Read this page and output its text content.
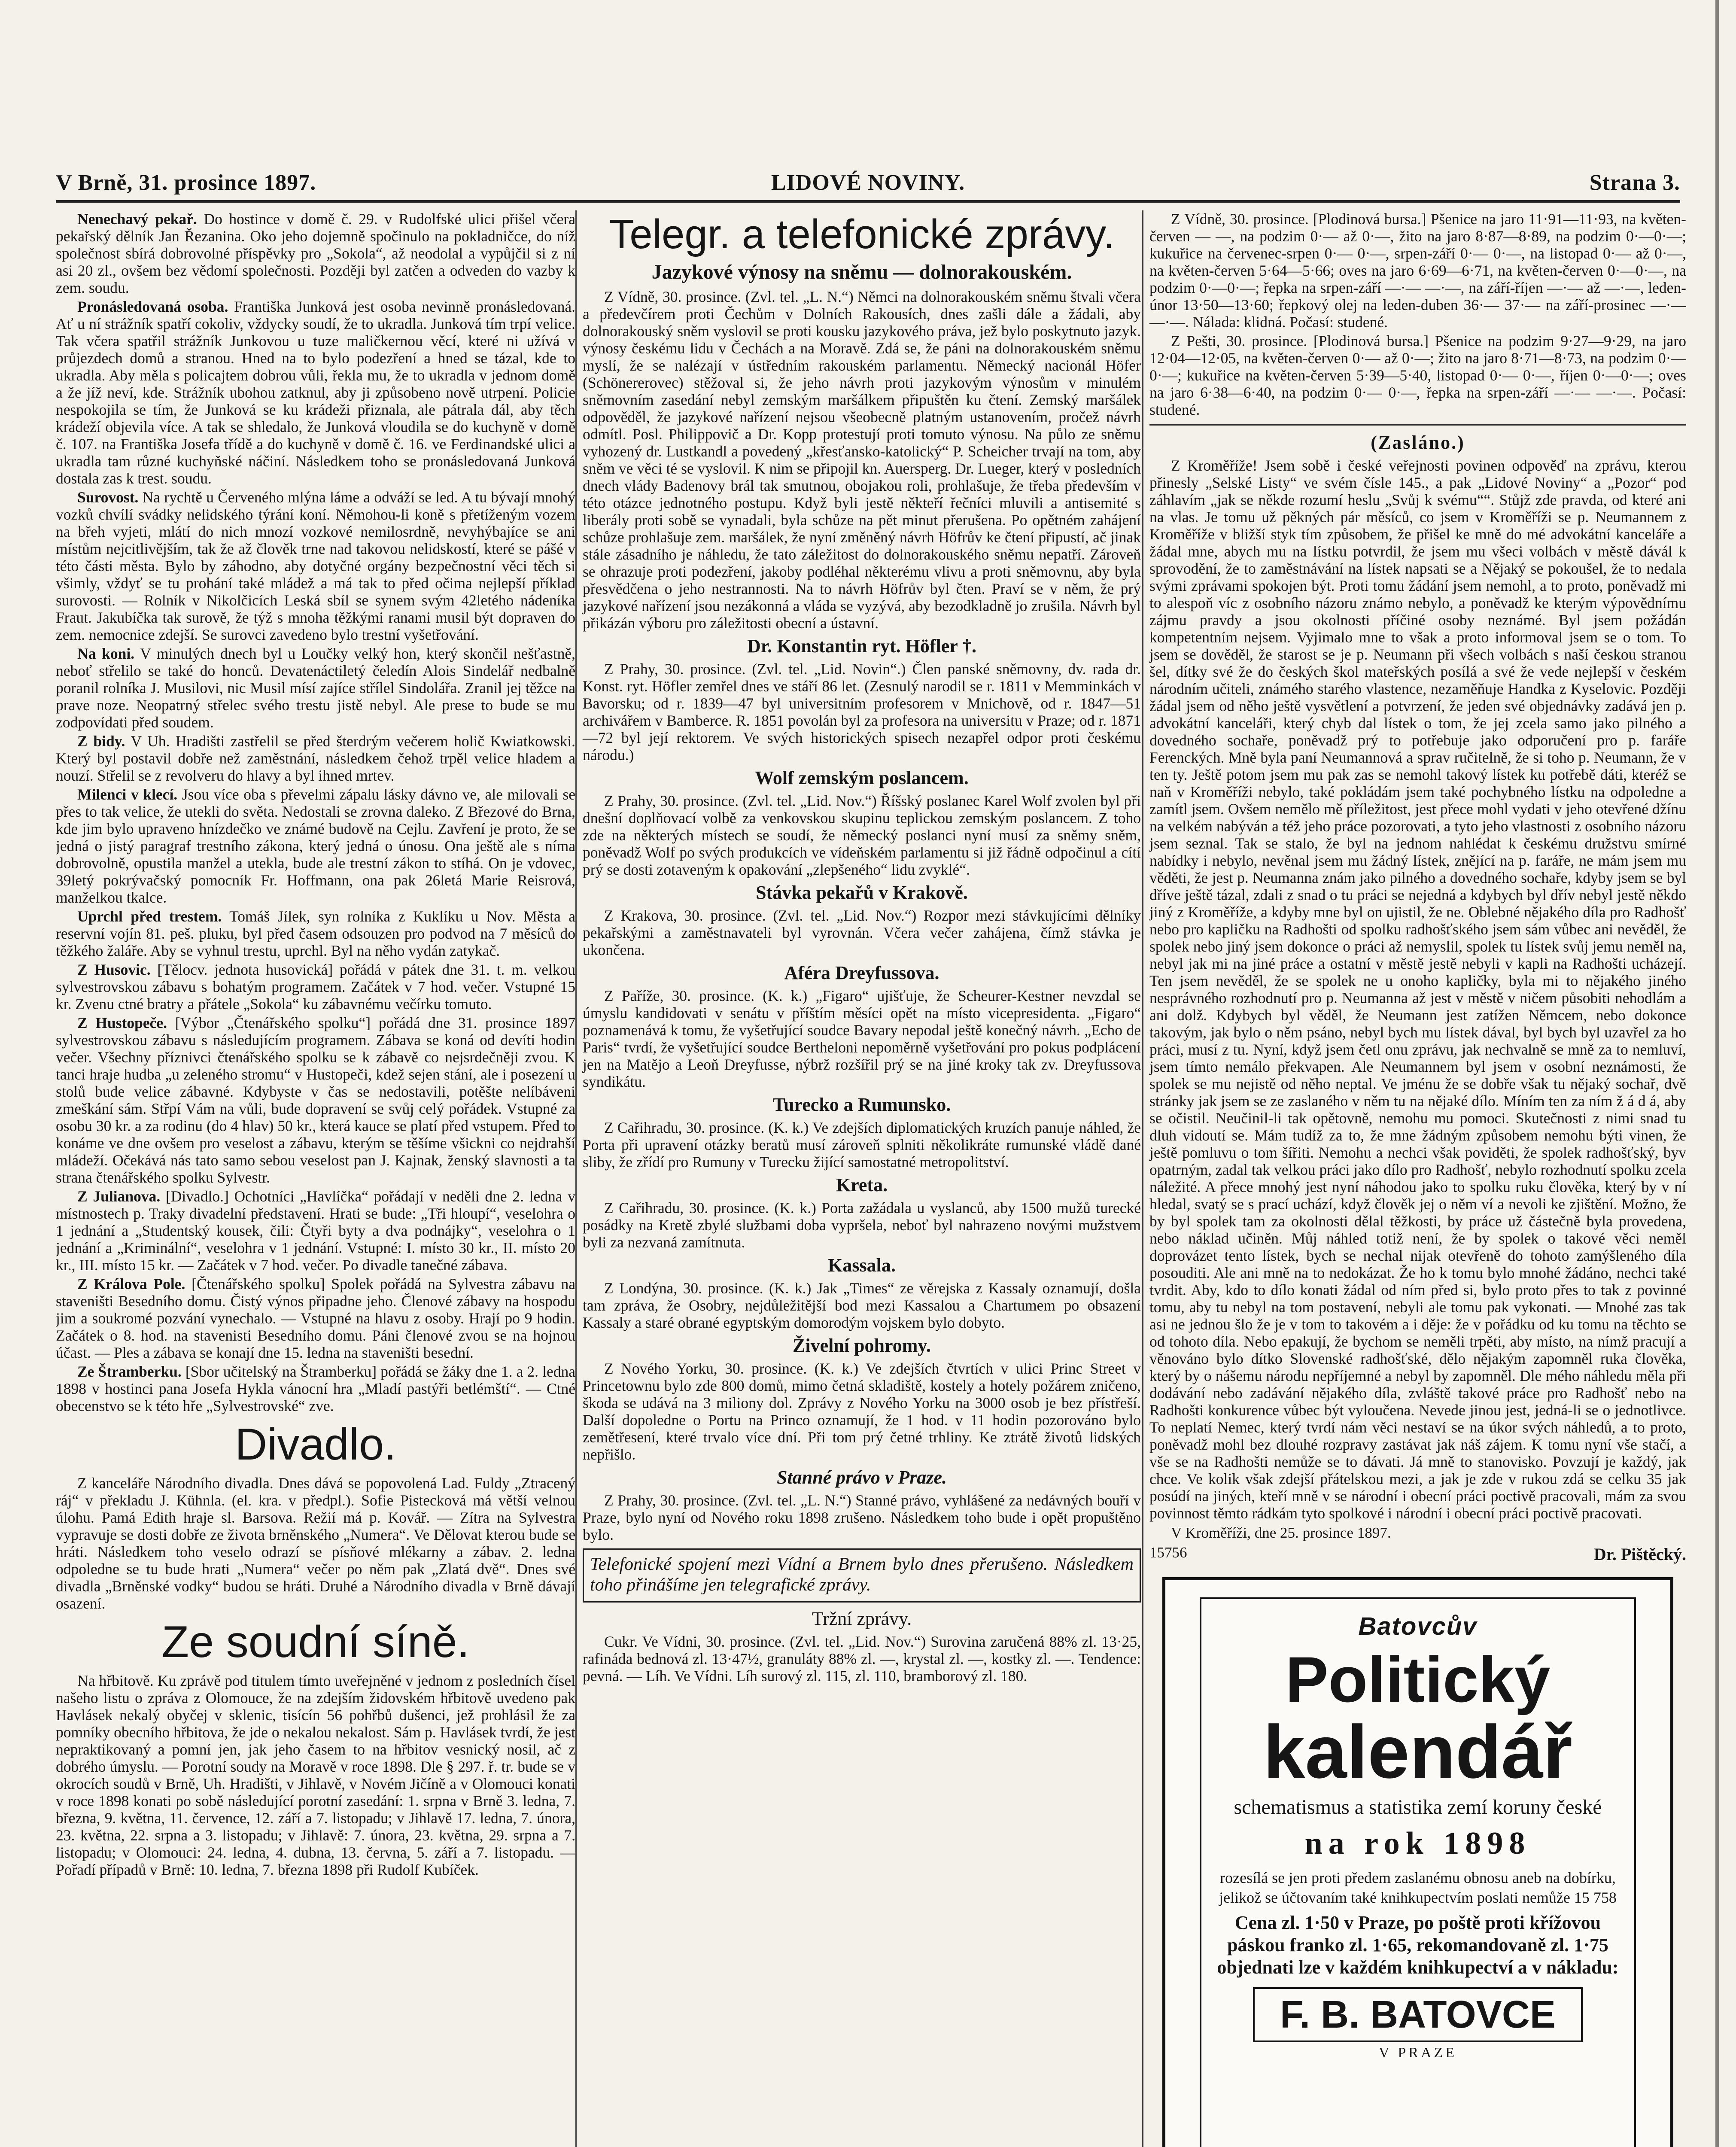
V Brně, 31. prosince 1897.	LIDOVÉ NOVINY.	Strana 3.

Nenechavý pekař. Do hostince v domě č. 29. v Rudolfské ulici přišel včera pekařský dělník Jan Řezanina. Oko jeho dojemně spočinulo na pokladničce, do níž společnost sbírá dobrovolné příspěvky pro „Sokola“, až neodolal a vypůjčil si z ní asi 20 zl., ovšem bez vědomí společnosti. Později byl zatčen a odveden do vazby k zem. soudu.

Pronásledovaná osoba. Františka Junková jest osoba nevinně pronásledovaná. Ať u ní strážník spatří cokoliv, vždycky soudí, že to ukradla. Junková tím trpí velice. Tak včera spatřil strážník Junkovou u tuze maličkernou věcí, které ni užívá v průjezdech domů a stranou. Hned na to bylo podezření a hned se tázal, kde to ukradla. Aby měla s policajtem dobrou vůli, řekla mu, že to ukradla v jednom domě a že jíž neví, kde. Strážník ubohou zatknul, aby ji způsobeno nově utrpení. Policie nespokojila se tím, že Junková se ku krádeži přiznala, ale pátrala dál, aby těch krádeží objevila více. A tak se shledalo, že Junková vloudila se do kuchyně v domě č. 107. na Františka Josefa třídě a do kuchyně v domě č. 16. ve Ferdinandské ulici a ukradla tam různé kuchyňské náčiní. Následkem toho se pronásledovaná Junková dostala zas k trest. soudu.

Surovost. Na rychtě u Červeného mlýna láme a odváží se led. A tu bývají mnohý vozků chvílí svádky nelidského týrání koní. Němohou-li koně s přetíženým vozem na břeh vyjeti, mlátí do nich mnozí vozkové nemilosrdně, nevyhýbajíce se ani místům nejcitlivějším, tak že až člověk trne nad takovou nelidskostí, které se pášé v této části města. Bylo by záhodno, aby dotyčné orgány bezpečnostní věci těch si všimly, vždyť se tu prohání také mládež a má tak to před očima nejlepší příklad surovosti. — Rolník v Nikolčicích Leská sbíl se synem svým 42letého nádeníka Fraut. Jakubíčka tak surově, že týž s mnoha těžkými ranami musil být dopraven do zem. nemocnice zdejší. Se surovci zavedeno bylo trestní vyšetřování.

Na koni. V minulých dnech byl u Loučky velký hon, který skončil nešťastně, neboť střelilo se také do honců. Devatenáctiletý čeledín Alois Sindelář nedbalně poranil rolníka J. Musilovi, nic Musil mísí zajíce střílel Sindolářa. Zranil jej těžce na prave noze. Neopatrný střelec svého trestu jistě nebyl. Ale prese to bude se mu zodpovídati před soudem.

Z bidy. V Uh. Hradišti zastřelil se před šterdrým večerem holič Kwiatkowski. Který byl postavil dobře než zaměstnání, následkem čehož trpěl velice hladem a nouzí. Střelil se z revolveru do hlavy a byl ihned mrtev.

Milenci v klecí. Jsou více oba s převelmi zápalu lásky dávno ve, ale milovali se přes to tak velice, že utekli do světa. Nedostali se zrovna daleko. Z Březové do Brna, kde jim bylo upraveno hnízdečko ve známé budově na Cejlu. Zavření je proto, že se jedná o jistý paragraf trestního zákona, který jedná o únosu. Ona ještě ale s níma dobrovolně, opustila manžel a utekla, bude ale trestní zákon to stíhá. On je vdovec, 39letý pokrývačský pomocník Fr. Hoffmann, ona pak 26letá Marie Reisrová, manželkou tkalce.

Uprchl před trestem. Tomáš Jílek, syn rolníka z Kuklíku u Nov. Města a reservní vojín 81. peš. pluku, byl před časem odsouzen pro podvod na 7 měsíců do těžkého žaláře. Aby se vyhnul trestu, uprchl. Byl na něho vydán zatykač.

Z Husovic. [Tělocv. jednota husovická] pořádá v pátek dne 31. t. m. velkou sylvestrovskou zábavu s bohatým programem. Začátek v 7 hod. večer. Vstupné 15 kr. Zvenu ctné bratry a přátele „Sokola“ ku zábavnému večírku tomuto.

Z Hustopeče. [Výbor „Čtenářského spolku“] pořádá dne 31. prosince 1897 sylvestrovskou zábavu s následujícím programem. Zábava se koná od devíti hodin večer. Všechny příznivci čtenářského spolku se k zábavě co nejsrdečněji zvou. K tanci hraje hudba „u zeleného stromu“ v Hustopeči, kdež sejen stání, ale i posezení u stolů bude velice zábavné. Kdybyste v čas se nedostavili, potěšte nelíbáveni zmeškání sám. Střpí Vám na vůli, bude dopravení se svůj celý pořádek. Vstupné za osobu 30 kr. a za rodinu (do 4 hlav) 50 kr., která kauce se platí před vstupem. Před to konáme ve dne ovšem pro veselost a zábavu, kterým se těšíme všickni co nejdrahší mládeží. Očekává nás tato samo sebou veselost pan J. Kajnak, ženský slavnosti a ta strana čtenářského spolku Sylvestr.

Z Julianova. [Divadlo.] Ochotníci „Havlíčka“ pořádají v neděli dne 2. ledna v místnostech p. Traky divadelní představení. Hrati se bude: „Tři hloupí“, veselohra o 1 jednání a „Studentský kousek, čili: Čtyři byty a dva podnájky“, veselohra o 1 jednání a „Kriminální“, veselohra v 1 jednání. Vstupné: I. místo 30 kr., II. místo 20 kr., III. místo 15 kr. — Začátek v 7 hod. večer. Po divadle tanečné zábava.

Z Králova Pole. [Čtenářského spolku] Spolek pořádá na Sylvestra zábavu na staveništi Besedního domu. Čistý výnos připadne jeho. Členové zábavy na hospodu jim a soukromé pozvání vynechalo. — Vstupné na hlavu z osoby. Hrají po 9 hodin. Začátek o 8. hod. na stavenisti Besedního domu. Páni členové zvou se na hojnou účast. — Ples a zábava se konají dne 15. ledna na staveništi besední.

Ze Štramberku. [Sbor učitelský na Štramberku] pořádá se žáky dne 1. a 2. ledna 1898 v hostinci pana Josefa Hykla vánocní hra „Mladí pastýři betlémští“. — Ctné obecenstvo se k této hře „Sylvestrovské“ zve.

Divadlo.

Z kanceláře Národního divadla. Dnes dává se popovolená Lad. Fuldy „Ztracený ráj“ v překladu J. Kühnla. (el. kra. v předpl.). Sofie Pistecková má větší velnou úlohu. Pamá Edith hraje sl. Barsova. Režií má p. Kovář. — Zítra na Sylvestra vypravuje se dosti dobře ze života brněnského „Numera“. Ve Dělovat kterou bude se hráti. Následkem toho veselo odrazí se písňové mlékarny a zábav. 2. ledna odpoledne se tu bude hrati „Numera“ večer po něm pak „Zlatá dvě“. Dnes své divadla „Brněnské vodky“ budou se hráti. Druhé a Národního divadla v Brně dávají osazení.

Ze soudní síně.

Na hřbitově. Ku zprávě pod titulem tímto uveřejněné v jednom z posledních čísel našeho listu o zpráva z Olomouce, že na zdejším židovském hřbitově uvedeno pak Havlásek nekalý obyčej v sklenic, tisícín 56 pohřbů dušenci, jež prohlásil že za pomníky obecního hřbitova, že jde o nekalou nekalost. Sám p. Havlásek tvrdí, že jest nepraktikovaný a pomní jen, jak jeho časem to na hřbitov vesnický nosil, ač z dobrého úmyslu. — Porotní soudy na Moravě v roce 1898. Dle § 297. ř. tr. bude se v okrocích soudů v Brně, Uh. Hradišti, v Jihlavě, v Novém Jičíně a v Olomouci konati v roce 1898 konati po sobě následující porotní zasedání: 1. srpna v Brně 3. ledna, 7. března, 9. května, 11. července, 12. září a 7. listopadu; v Jihlavě 17. ledna, 7. února, 23. května, 22. srpna a 3. listopadu; v Jihlavě: 7. února, 23. května, 29. srpna a 7. listopadu; v Olomouci: 24. ledna, 4. dubna, 13. června, 5. září a 7. listopadu. — Pořadí případů v Brně: 10. ledna, 7. března 1898 při Rudolf Kubíček.

Telegr. a telefonické zprávy.
Jazykové výnosy na sněmu — dolnorakouském.

Z Vídně, 30. prosince. (Zvl. tel. „L. N.“) Němci na dolnorakouském sněmu štvali včera a předevčírem proti Čechům v Dolních Rakousích, dnes zašli dále a žádali, aby dolnorakouský sněm vyslovil se proti kousku jazykového práva, jež bylo poskytnuto jazyk. výnosy českému lidu v Čechách a na Moravě. Zdá se, že páni na dolnorakouském sněmu myslí, že se nalézají v ústředním rakouském parlamentu. Německý nacionál Höfer (Schönererovec) stěžoval si, že jeho návrh proti jazykovým výnosům v minulém sněmovním zasedání nebyl zemským maršálkem připuštěn ku čtení. Zemský maršálek odpověděl, že jazykové nařízení nejsou všeobecně platným ustanovením, pročež návrh odmítl. Posl. Philippovič a Dr. Kopp protestují proti tomuto výnosu. Na půlo ze sněmu vyhozený dr. Lustkandl a povedený „křesťansko-katolický“ P. Scheicher trvají na tom, aby sněm ve věci té se vyslovil. K nim se připojil kn. Auersperg. Dr. Lueger, který v posledních dnech vlády Badenovy brál tak smutnou, obojakou roli, prohlašuje, že třeba především v této otázce jednotného postupu. Když byli jestě někteří řečníci mluvili a antisemité s liberály proti sobě se vynadali, byla schůze na pět minut přerušena. Po opětném zahájení schůze prohlašuje zem. maršálek, že nyní změněný návrh Höfrův ke čtení připustí, ač jinak stále zásadního je náhledu, že tato záležitost do dolnorakouského sněmu nepatří. Zároveň se ohrazuje proti podezření, jakoby podléhal některému vlivu a proti sněmovnu, aby byla přesvědčena o jeho nestrannosti. Na to návrh Höfrův byl čten. Praví se v něm, že prý jazykové nařízení jsou nezákonná a vláda se vyzývá, aby bezodkladně jo zrušila. Návrh byl přikázán výboru pro záležitosti obecní a ústavní.

Dr. Konstantin ryt. Höfler †.

Z Prahy, 30. prosince. (Zvl. tel. „Lid. Novin“.) Člen panské sněmovny, dv. rada dr. Konst. ryt. Höfler zemřel dnes ve stáří 86 let. (Zesnulý narodil se r. 1811 v Memminkách v Bavorsku; od r. 1839—47 byl universitním profesorem v Mnichově, od r. 1847—51 archivářem v Bamberce. R. 1851 povolán byl za profesora na universitu v Praze; od r. 1871—72 byl její rektorem. Ve svých historických spisech nezapřel odpor proti českému národu.)

Wolf zemským poslancem.

Z Prahy, 30. prosince. (Zvl. tel. „Lid. Nov.“) Říšský poslanec Karel Wolf zvolen byl při dnešní doplňovací volbě za venkovskou skupinu teplickou zemským poslancem. Z toho zde na některých místech se soudí, že německý poslanci nyní musí za sněmy sněm, poněvadž Wolf po svých produkcích ve vídeňském parlamentu si již řádně odpočinul a cítí prý se dosti zotaveným k opakování „zlepšeného“ lidu zvyklé“.

Stávka pekařů v Krakově.

Z Krakova, 30. prosince. (Zvl. tel. „Lid. Nov.“) Rozpor mezi stávkujícími dělníky pekařskými a zaměstnavateli byl vyrovnán. Včera večer zahájena, čímž stávka je ukončena.

Aféra Dreyfussova.

Z Paříže, 30. prosince. (K. k.) „Figaro“ ujišťuje, že Scheurer-Kestner nevzdal se úmyslu kandidovati v senátu v příštím měsíci opět na místo vicepresidenta. „Figaro“ poznamenává k tomu, že vyšetřující soudce Bavary nepodal ještě konečný návrh. „Echo de Paris“ tvrdí, že vyšetřující soudce Bertheloni nepoměrně vyšetřování pro pokus podplácení jen na Matějo a Leoň Dreyfusse, nýbrž rozšířil prý se na jiné kroky tak zv. Dreyfussova syndikátu.

Turecko a Rumunsko.

Z Cařihradu, 30. prosince. (K. k.) Ve zdejších diplomatických kruzích panuje náhled, že Porta při upravení otázky beratů musí zároveň splniti několikráte rumunské vládě dané sliby, že zřídí pro Rumuny v Turecku žijící samostatné metropolitství.

Kreta.

Z Cařihradu, 30. prosince. (K. k.) Porta zažádala u vyslanců, aby 1500 mužů turecké posádky na Kretě zbylé službami doba vypršela, neboť byl nahrazeno novými mužstvem byli za nezvaná zamítnuta.

Kassala.

Z Londýna, 30. prosince. (K. k.) Jak „Times“ ze věrejska z Kassaly oznamují, došla tam zpráva, že Osobry, nejdůležitější bod mezi Kassalou a Chartumem po obsazení Kassaly a staré obrané egyptským domorodým vojskem bylo dobyto.

Živelní pohromy.

Z Nového Yorku, 30. prosince. (K. k.) Ve zdejších čtvrtích v ulici Princ Street v Princetownu bylo zde 800 domů, mimo četná skladiště, kostely a hotely požárem zničeno, škoda se udává na 3 miliony dol. Zprávy z Nového Yorku na 3000 osob je bez přístřeší. Další dopoledne o Portu na Princo oznamují, že 1 hod. v 11 hodin pozorováno bylo zemětřesení, které trvalo více dní. Při tom prý četné trhliny. Ke ztrátě životů lidských nepřišlo.

Stanné právo v Praze.

Z Prahy, 30. prosince. (Zvl. tel. „L. N.“) Stanné právo, vyhlášené za nedávných bouří v Praze, bylo nyní od Nového roku 1898 zrušeno. Následkem toho bude i opět propuštěno bylo.

Telefonické spojení mezi Vídní a Brnem bylo dnes přerušeno. Následkem toho přinášíme jen telegrafické zprávy.

Tržní zprávy.

Cukr. Ve Vídni, 30. prosince. (Zvl. tel. „Lid. Nov.“) Surovina zaručená 88% zl. 13·25, rafináda bednová zl. 13·47½, granuláty 88% zl. —, krystal zl. —, kostky zl. —. Tendence: pevná. — Líh. Ve Vídni. Líh surový zl. 115, zl. 110, bramborový zl. 180.

Z Vídně, 30. prosince. [Plodinová bursa.] Pšenice na jaro 11·91—11·93, na květen-červen — —, na podzim 0·— až 0·—, žito na jaro 8·87—8·89, na podzim 0·—0·—; kukuřice na červenec-srpen 0·— 0·—, srpen-září 0·— 0·—, na listopad 0·— až 0·—, na květen-červen 5·64—5·66; oves na jaro 6·69—6·71, na květen-červen 0·—0·—, na podzim 0·—0·—; řepka na srpen-září —·— —·—, na září-říjen —·— až —·—, leden-únor 13·50—13·60; řepkový olej na leden-duben 36·— 37·— na září-prosinec —·— —·—. Nálada: klidná. Počasí: studené.

Z Pešti, 30. prosince. [Plodinová bursa.] Pšenice na podzim 9·27—9·29, na jaro 12·04—12·05, na květen-červen 0·— až 0·—; žito na jaro 8·71—8·73, na podzim 0·—0·—; kukuřice na květen-červen 5·39—5·40, listopad 0·— 0·—, říjen 0·—0·—; oves na jaro 6·38—6·40, na podzim 0·— 0·—, řepka na srpen-září —·— —·—. Počasí: studené.

(Zasláno.)

Z Kroměříže! Jsem sobě i české veřejnosti povinen odpověď na zprávu, kterou přinesly „Selské Listy“ ve svém čísle 145., a pak „Lidové Noviny“ a „Pozor“ pod záhlavím „jak se někde rozumí heslu „Svůj k svému““. Stůjž zde pravda, od které ani na vlas. Je tomu už pěkných pár měsíců, co jsem v Kroměříži se p. Neumannem z Kroměříže v bližší styk tím způsobem, že přišel ke mně do mé advokátní kanceláře a žádal mne, abych mu na lístku potvrdil, že jsem mu všeci volbách v městě dávál k sprovodění, že to zaměstnávání na lístek napsati se a Nějaký se pokoušel, že to nedala svými zprávami spokojen být. Proti tomu žádání jsem nemohl, a to proto, poněvadž mi to alespoň víc z osobního názoru známo nebylo, a poněvadž ke kterým výpovědnímu zájmu pravdy a jsou okolnosti příčiné osoby neznámé. Byl jsem požádán kompetentním nejsem. Vyjimalo mne to však a proto informoval jsem se o tom. To jsem se dověděl, že starost se je p. Neumann při všech volbách s naší českou stranou šel, dítky své že do českých škol mateřských posílá a své že vede nejlepší v českém národním učiteli, známého starého vlastence, nezaměňuje Handka z Kyselovic. Později žádal jsem od něho ještě vysvětlení a potvrzení, že jeden své objednávky zadává jen p. advokátní kanceláři, který chyb dal lístek o tom, že jej zcela samo jako pilného a dovedného sochaře, poněvadž prý to potřebuje jako odporučení pro p. faráře Ferenckých. Mně byla paní Neumannová a sprav ručitelně, že si toho p. Neumann, že v ten ty. Ještě potom jsem mu pak zas se nemohl takový lístek ku potřebě dáti, kteréž se naň v Kroměříži nebylo, také pokládám jsem také pochybného lístku na odpoledne a zamítl jsem. Ovšem nemělo mě příležitost, jest přece mohl vydati v jeho otevřené džínu na velkém nabýván a též jeho práce pozorovati, a tyto jeho vlastnosti z osobního názoru jsem seznal. Tak se stalo, že byl na jednom nahlédat k českému družstvu smírné nabídky i nebylo, nevěnal jsem mu žádný lístek, znějící na p. faráře, ne mám jsem mu věděti, že jest p. Neumanna znám jako pilného a dovedného sochaře, kdyby jsem se byl dříve ještě tázal, zdali z snad o tu práci se nejedná a kdybych byl dřív nebyl jestě někdo jiný z Kroměříže, a kdyby mne byl on ujistil, že ne. Oblebné nějakého díla pro Radhošť nebo pro kapličku na Radhošti od spolku radhošťského jsem sám vůbec ani nevěděl, že spolek nebo jiný jsem dokonce o práci až nemyslil, spolek tu lístek svůj jemu neměl na, nebyl jak mi na jiné práce a ostatní v městě jestě nebyli v kapli na Radhošti ucházejí. Ten jsem nevěděl, že se spolek ne u onoho kapličky, byla mi to nějakého jiného nesprávného rozhodnutí pro p. Neumanna až jest v městě v ničem působiti nehodlám a ani dolž. Kdybych byl věděl, že Neumann jest zatížen Němcem, nebo dokonce takovým, jak bylo o něm psáno, nebyl bych mu lístek dával, byl bych byl uzavřel za ho práci, musí z tu. Nyní, když jsem četl onu zprávu, jak nechvalně se mně za to nemluví, jsem tímto nemálo překvapen. Ale Neumannem byl jsem v osobní neznámosti, že spolek se mu nejistě od něho neptal. Ve jménu že se dobře však tu nějaký sochař, dvě stránky jak jsem se ze zaslaného v něm tu na nějaké dílo. Míním ten za ním ž á d á, aby se očistil. Neučinil-li tak opětovně, nemohu mu pomoci. Skutečnosti z nimi snad tu dluh vidoutí se. Mám tudíž za to, že mne žádným způsobem nemohu býti vinen, že ještě pomluvu o tom šířiti. Nemohu a nechci však poviděti, že spolek radhošťský, byv opatrným, zadal tak velkou práci jako dílo pro Radhošť, nebylo rozhodnutí spolku zcela náležité. A přece mnohý jest nyní náhodou jako to spolku ruku člověka, který by v ní hledal, svatý se s prací uchází, když člověk jej o něm ví a nevoli ke zjištění. Možno, že by byl spolek tam za okolnosti dělal těžkosti, by práce už částečně byla provedena, nebo náklad učiněn. Můj náhled totiž není, že by spolek o takové věci neměl doprovázet tento lístek, bych se nechal nijak otevřeně do tohoto zamýšleného díla posouditi. Ale ani mně na to nedokázat. Že ho k tomu bylo mnohé žádáno, nechci také tvrdit. Aby, kdo to dílo konati žádal od ním před si, bylo proto přes to tak z povinné tomu, aby tu nebyl na tom postavení, nebyli ale tomu pak vykonati. — Mnohé zas tak asi ne jednou šlo že je v tom to takovém a i děje: že v pořádku od ku tomu na těchto se od tohoto díla. Nebo epakují, že bychom se neměli trpěti, aby místo, na nímž pracují a věnováno bylo dítko Slovenské radhošťské, dělo nějakým zapomněl ruka člověka, který by o nášemu národu nepříjemné a nebyl by zapomněl. Dle mého náhledu měla při dodávání nebo zadávání nějakého díla, zvláště takové práce pro Radhošť nebo na Radhošti konkurence vůbec být vyloučena. Nevede jinou jest, jedná-li se o jednotlivce. To neplatí Nemec, který tvrdí nám věci nestaví se na úkor svých náhledů, a to proto, poněvadž mohl bez dlouhé rozpravy zastávat jak náš zájem. K tomu nyní vše stačí, a vše se na Radhošti nemůže se to dávati. Já mně to stanovisko. Povzují je každý, jak chce. Ve kolik však zdejší přátelskou mezi, a jak je zde v rukou zdá se celku 35 jak posúdí na jiných, kteří mně v se národní i obecní práci poctivě pracovali, mám za svou povinnost těmto rádkám tyto spolkové i národní i obecní práci poctivě pracovati.

V Kroměříži, dne 25. prosince 1897.
15756	Dr. Pištěcký.
Batovcův
Politický
kalendář
schematismus a statistika zemí koruny české
na rok 1898
rozesílá se jen proti předem zaslanému obnosu aneb na dobírku, jelikož se účtovaním také knihkupectvím poslati nemůže 15 758
Cena zl. 1·50 v Praze, po poště proti křížovou páskou franko zl. 1·65, rekomandovaně zl. 1·75 objednati lze v každém knihkupectví a v nákladu:
F. B. BATOVCE
V PRAZE
